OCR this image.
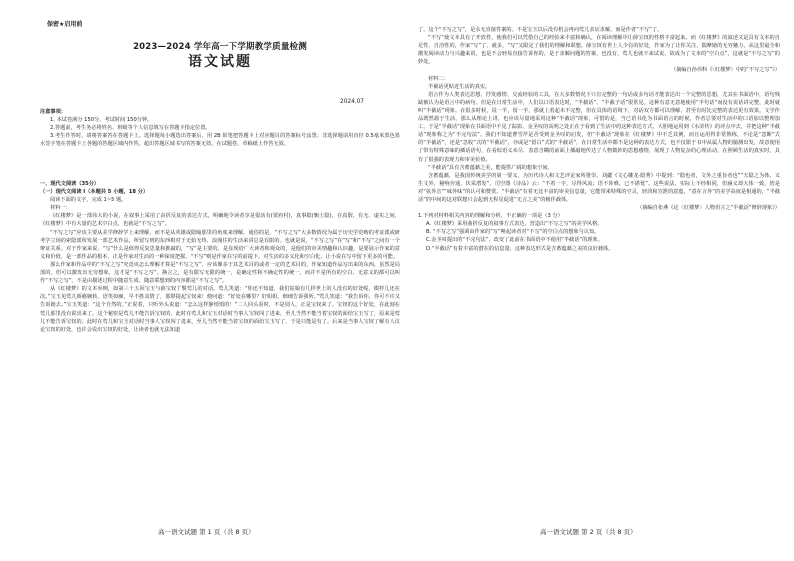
保密★启用前
2023—2024 学年高一下学期教学质量检测
语文试题
2024.07

注意事项：

1. 本试卷满分 150分，考试时间 150分钟。

2.答题前，考生务必将姓名、班级等个人信息填写在答题卡指定位置。

3.考生作答时，请将答案答在答题卡上。选择题每小题选出答案后，用 2B 铅笔把答题卡上对应题目的答案标号涂黑；非选择题请用直径 0.5毫米黑色墨水签字笔在答题卡上各题的答题区域内作答。超出答题区域书写的答案无效，在试题卷、草稿纸上作答无效。

一、现代文阅读（35分）

（一）现代文阅读 I（本题共 5 小题，18 分）

阅读下面的文字，完成 1~5 题。

材料一：

《红楼梦》是一部伟大的小说，在叙事上采用了由折反复的表达方式，明确地令读者享是很活有(贾府村)，真事隐(甄士隐)，在真假、有无、虚实之间，《红楼梦》中有大量的艺术空白点，也就是“不写之写”。

“不写之写”应该主要从美学修辞学上来理解，而不是从英雄或隐喻那里的角度来理解。通俗的是，“不写之写”大多数情况为属于历史学范畴的考证派或研考学立场的索隐派所发展一部艺术作品，所留写到的东西相对于无始无终、浪漫往的生活来讲总是有限的。也就是说，“不写之写”在“写”和“不写”之间有一个辩证关系。对于作家来说，“写”什么是值得反复思量和推敲的，“写”是主要的，是显现给广大读者和观众的，是他们的审美情趣和认识趣，是要展示作家的意义和价值，是一部作品的根本，正是作家对生活的一种深度把握。“不写”则是作家在写的前提下，对生活的多义化和空白化，让小说在写中留下更多的可能。

那么作家和作品中的“不写之写”究竟该怎么理解才算是“不写之写”，应该像多于其艺术目的或者一定的艺术目的。作家知道作品写出来的东西，虽然是局部的，但可以激发出无穷想象，这才是“不写之写”。换言之，是有限写无限的统一，是确定性和不确定性的统一，而并不是所有的空白、无意义的都可以叫作“不写之写”，不是由描述过程中随意生成、随意联想到的内容都是“不写之写”。

从《红楼梦》的文本举例，如第三十五回宝玉与薛宝钗丫鬟莺儿的对话。莺儿笑道：“你还不知道，我们姑娘有几样世上的人没有的好处呢，模样儿还在次。”宝玉见莺儿娇憨婉转，语笑如痴，早不胜其情了，那堪提起宝钗来！便问道：“好处在哪里？好姐姐，细细告诉我听。”莺儿笑道：“我告诉你，你可不许又告诉她去。”宝玉笑道：“这个自然的。”正说着，只听外头说道：“怎么这样静悄悄的！”二人回头看时，不是别人，正是宝钗来了。宝钗的这个好处，在此刻在莺儿那里没有说出来了。这个秘密是莺儿不能告诉宝钗的，此时在莺儿和宝玉对话时当事人宝钗闯了进来，至儿当然不能当着宝钗的面给宝玉写了，原来是莺儿不能告诉宝钗的，此时在莺儿和宝玉对话时当事人宝钗闯了进来，至儿当然不能当着宝钗的面给宝玉写了，于是只能是有了。后来是当事人宝钗了解有人议论宝钗的好处，也许会说出宝钗的好处，让读者也就无法知道

高一语文试题 第 1 页（共 8 页）

了。这个“不写之写”，是永无直接答案的。不是宝玉以后没有机会再向莺儿求证求解，而是作者“不写”了。

“不写”使文本具有了开放性，使我们可以凭借自己的经验来丰富和确认，在阅读理解中让薛宝钗的性格丰富起来。而《红楼梦》的叙述又是具有文本的自足性、自洽性的，作家“写”了，就多，“写”又限定了我们的理解和联想。薛宝钗有世上人少有的好处，作家为了让你关注、揣摩她的无穷魅力，从这里最全和激发阅读动力与兴趣来说，也是不会轻易直接告诉你的。是于求解问题的答案，也没有，莺儿也就不来试说，故成为了文本的“空白点”，这就是“不写之写”的妙处。

（摘编自孙伟科《〈红楼梦〉中的“不写之写”》）

材料二：

半截话更贴近生活的真实。

语言作为人类表达思想、抒发感情、交流经验的工具，在大多数情况下只有完整的一句话或多句话才能表达出一个完整的思想，尤其在书面语中，语句残缺被认为是语言中的病句。但是在日常生活中，人们以口语表达时，“半截话”、“半截子话”很常见。这种有意无意地使用“半句话”而没有说话讲完整，此时就叫“半截话”现象。在很多时候，说一半，留一半，那就上着起未不完整，但在具体的语境下，对话双方都可以理解，甚至有时比完整的表达更有效果。文学作品既然源于生活，那么从理论上讲，也应该尽量地采用这种“半截话”现象，可惜的是，当已语书化为书面语言的时候，作者总要对生活中的口语加以整理加工，于是“半截话”现象在书面语中不见了踪影。金圣叹的高明之处正在于看到了生活中的这种表达方式，大胆地运用到《水浒传》的评点中去，并把这种“半截话”现象称之为“不完句法”。我们不知道曹雪芹是否受到金圣叹的启发，但“半截话”现象在《红楼梦》中不乏其例，而且运用得非常熟练，不论是“忽断”式的“半截话”，还是“急收”式的“半截话”，亦或是“留白”式的“半截话”，在日常生活中都不是这种的表达方式，也不仅限于书中从属人物的臆测出发，故意使用了带有特殊意味的插话语句，在看似语义未尽、表意含糊的前面上插敲地传达了人物微妙的思想感情，展现了人物复杂的心理活动，在照顾生活的真实时，具有了很强的表现力和审美价值。

“半截话”具有含蓄蕴藉之美，能提供广阔的想象空间。

含蓄蕴藉，是我国传统美学的第一要义，为历代诗人和文艺评论家所推崇。刘勰《文心雕龙·隐秀》中提到：“隐也者，文外之重旨者也”“夫隐之为体，义生文外，秘响旁通，伏采潜发”。司空图《诗品》云：“不着一字，尽得风流；语不涉难，已不堪忧”。这些说法，实际上不经相同，但涵义却大体一致，皆是对“弦外音”“味外味”的认可和赞赏。“半截话”有着无比丰富的审美信息量，它能带来特殊的空灵，轻淡和宣泄的意蕴，“意在言外”的美学高度是相通的，“半截话”的中间的这对联想只会起到无程星促进“无言之美”的极佳载体。

（摘编自张燕《论〈红楼梦〉人物语言之“半截话”修辞现象》）

1.下列对材料相关内容的理解和分析，不正确的一项是（3 分）

A.《红楼梦》采用曲折反复的叙事方式表达，营造出“不写之写”的美学风格。

B. “不写之写”强调由作家的“写”唤起读者对“不写”的空白点的想象与认知。

C.金圣叹提出的“不完句法”，改变了此前在书面语中不使用“半截话”的现象。

D.“半截话”有着丰富的潜在的信息量，这种表达形式是含蓄蕴藉之美的良好载体。

高一语文试题 第 2 页（共 8 页）
